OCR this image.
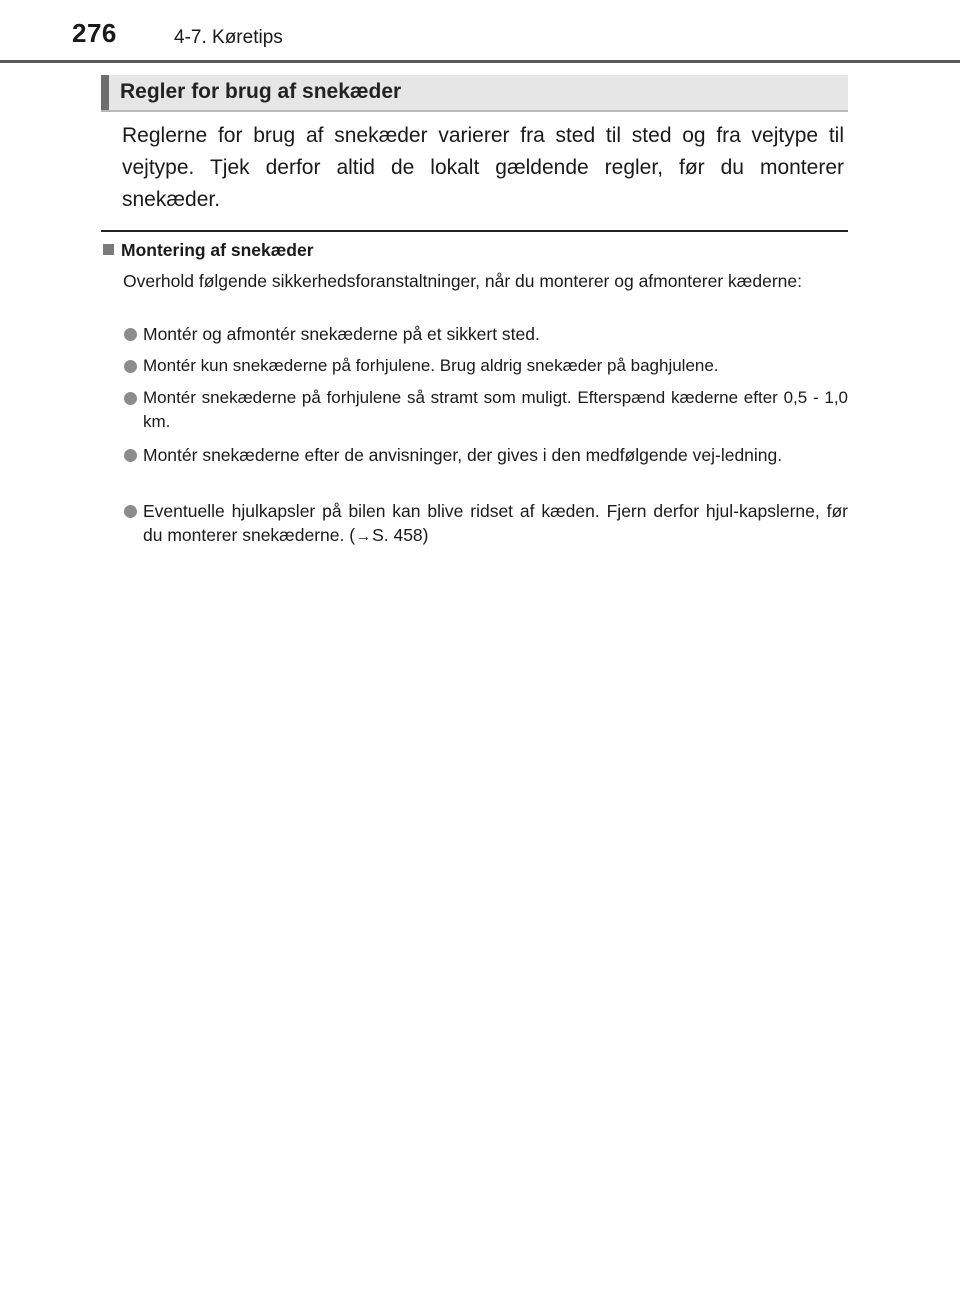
276	4-7. Køretips
Regler for brug af snekæder

Reglerne for brug af snekæder varierer fra sted til sted og fra vejtype til vejtype. Tjek derfor altid de lokalt gældende regler, før du monterer snekæder.

Montering af snekæder

Overhold følgende sikkerhedsforanstaltninger, når du monterer og afmonterer kæderne:

Montér og afmontér snekæderne på et sikkert sted.
Montér kun snekæderne på forhjulene. Brug aldrig snekæder på baghjulene.
Montér snekæderne på forhjulene så stramt som muligt. Efterspænd kæderne efter 0,5 - 1,0 km.
Montér snekæderne efter de anvisninger, der gives i den medfølgende vej-ledning.
Eventuelle hjulkapsler på bilen kan blive ridset af kæden. Fjern derfor hjul-kapslerne, før du monterer snekæderne. (→S. 458)
